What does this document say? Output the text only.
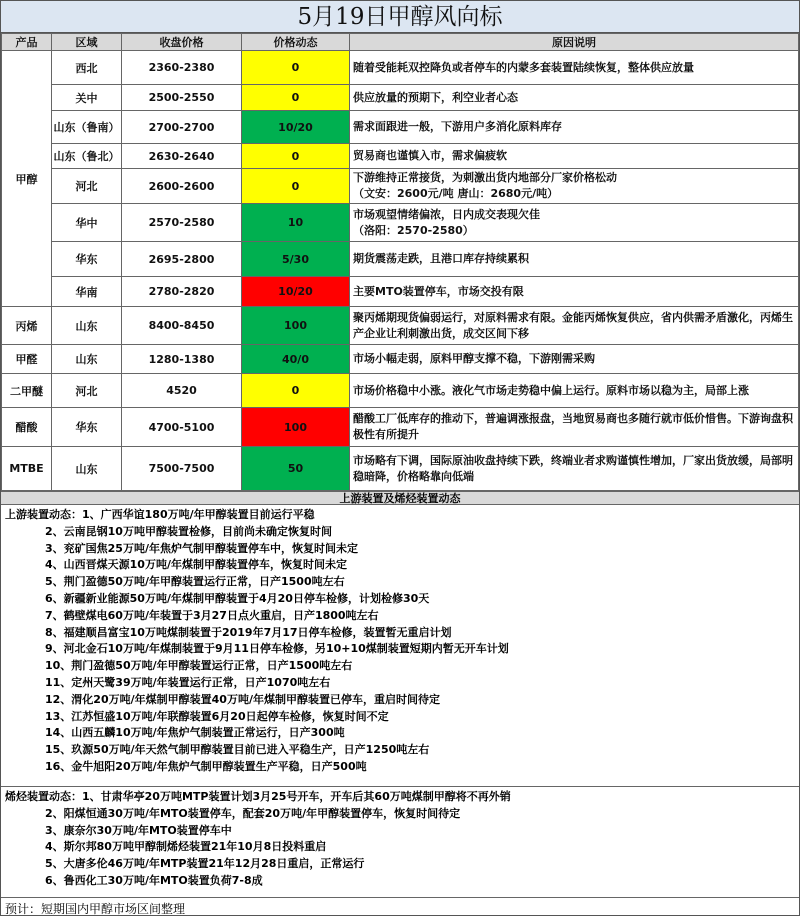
5月19日甲醇风向标
产品	区域	收盘价格	价格动态	原因说明
甲醇	西北	2360-2380	0	随着受能耗双控降负或者停车的内蒙多套装置陆续恢复，整体供应放量

	关中	2500-2550	0	供应放量的预期下，利空业者心态

	山东（鲁南）	2700-2700	10/20	需求面跟进一般，下游用户多消化原料库存

	山东（鲁北）	2630-2640	0	贸易商也谨慎入市，需求偏疲软

	河北	2600-2600	0	下游维持正常接货，为刺激出货内地部分厂家价格松动
（文安：2600元/吨 唐山：2680元/吨）

	华中	2570-2580	10	市场观望情绪偏浓，日内成交表现欠佳
（洛阳：2570-2580）

	华东	2695-2800	5/30	期货震荡走跌，且港口库存持续累积

	华南	2780-2820	10/20	主要MTO装置停车，市场交投有限

丙烯	山东	8400-8450	100	聚丙烯期现货偏弱运行，对原料需求有限。金能丙烯恢复供应，省内供需矛盾激化，丙烯生产企业让利刺激出货，成交区间下移

甲醛	山东	1280-1380	40/0	市场小幅走弱，原料甲醇支撑不稳，下游刚需采购

二甲醚	河北	4520	0	市场价格稳中小涨。液化气市场走势稳中偏上运行。原料市场以稳为主，局部上涨

醋酸	华东	4700-5100	100	醋酸工厂低库存的推动下，普遍调涨报盘，当地贸易商也多随行就市低价惜售。下游询盘积极性有所提升

MTBE	山东	7500-7500	50	市场略有下调，国际原油收盘持续下跌，终端业者求购谨慎性增加，厂家出货放缓，局部明稳暗降，价格略靠向低端
上游装置及烯烃装置动态
上游装置动态：1、广西华谊180万吨/年甲醇装置目前运行平稳
2、云南昆钢10万吨甲醇装置检修，目前尚未确定恢复时间
3、兖矿国焦25万吨/年焦炉气制甲醇装置停车中，恢复时间未定
4、山西晋煤天源10万吨/年煤制甲醇装置停车，恢复时间未定
5、荆门盈德50万吨/年甲醇装置运行正常，日产1500吨左右
6、新疆新业能源50万吨/年煤制甲醇装置于4月20日停车检修，计划检修30天
7、鹤壁煤电60万吨/年装置于3月27日点火重启，日产1800吨左右
8、福建顺昌富宝10万吨煤制装置于2019年7月17日停车检修，装置暂无重启计划
9、河北金石10万吨/年煤制装置于9月11日停车检修，另10+10煤制装置短期内暂无开车计划
10、荆门盈德50万吨/年甲醇装置运行正常，日产1500吨左右
11、定州天鹭39万吨/年装置运行正常，日产1070吨左右
12、渭化20万吨/年煤制甲醇装置40万吨/年煤制甲醇装置已停车，重启时间待定
13、江苏恒盛10万吨/年联醇装置6月20日起停车检修，恢复时间不定
14、山西五麟10万吨/年焦炉气制装置正常运行，日产300吨
15、玖源50万吨/年天然气制甲醇装置目前已进入平稳生产，日产1250吨左右
16、金牛旭阳20万吨/年焦炉气制甲醇装置生产平稳，日产500吨
烯烃装置动态：1、甘肃华亭20万吨MTP装置计划3月25号开车，开车后其60万吨煤制甲醇将不再外销
2、阳煤恒通30万吨/年MTO装置停车，配套20万吨/年甲醇装置停车，恢复时间待定
3、康奈尔30万吨/年MTO装置停车中
4、斯尔邦80万吨甲醇制烯烃装置21年10月8日投料重启
5、大唐多伦46万吨/年MTP装置21年12月28日重启，正常运行
6、鲁西化工30万吨/年MTO装置负荷7-8成
预计：短期国内甲醇市场区间整理
